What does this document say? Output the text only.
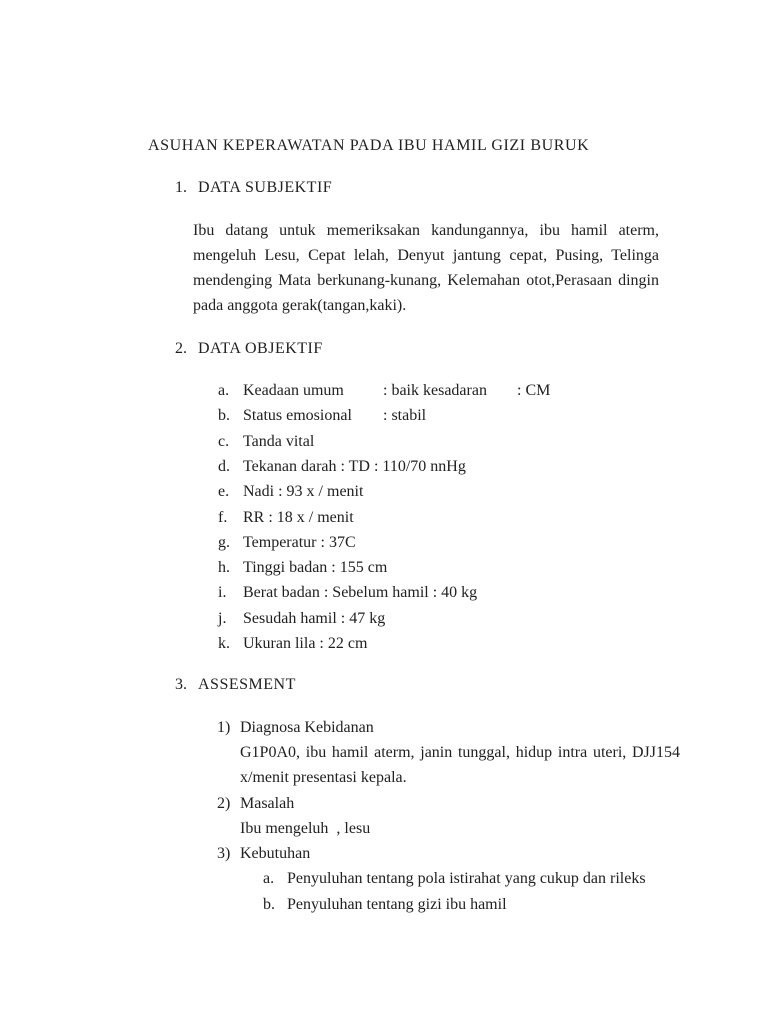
ASUHAN KEPERAWATAN PADA IBU HAMIL GIZI BURUK
1. DATA SUBJEKTIF

Ibu datang untuk memeriksakan kandungannya, ibu hamil aterm, mengeluh Lesu, Cepat lelah, Denyut jantung cepat, Pusing, Telinga mendenging Mata berkunang-kunang, Kelemahan otot,Perasaan dingin pada anggota gerak(tangan,kaki).

2. DATA OBJEKTIF
a. Keadaan umum	: baik kesadaran	: CM
b. Status emosional	: stabil
c. Tanda vital
d. Tekanan darah : TD : 110/70 nnHg
e. Nadi : 93 x / menit
f. RR : 18 x / menit
g. Temperatur : 37C
h. Tinggi badan : 155 cm
i.	Berat badan : Sebelum hamil : 40 kg
j.	Sesudah hamil : 47 kg
k. Ukuran lila : 22 cm
3. ASSESMENT
1) Diagnosa Kebidanan

G1P0A0, ibu hamil aterm, janin tunggal, hidup intra uteri, DJJ154 x/menit presentasi kepala.

2) Masalah

Ibu mengeluh  , lesu

3) Kebutuhan
a. Penyuluhan tentang pola istirahat yang cukup dan rileks
b. Penyuluhan tentang gizi ibu hamil
